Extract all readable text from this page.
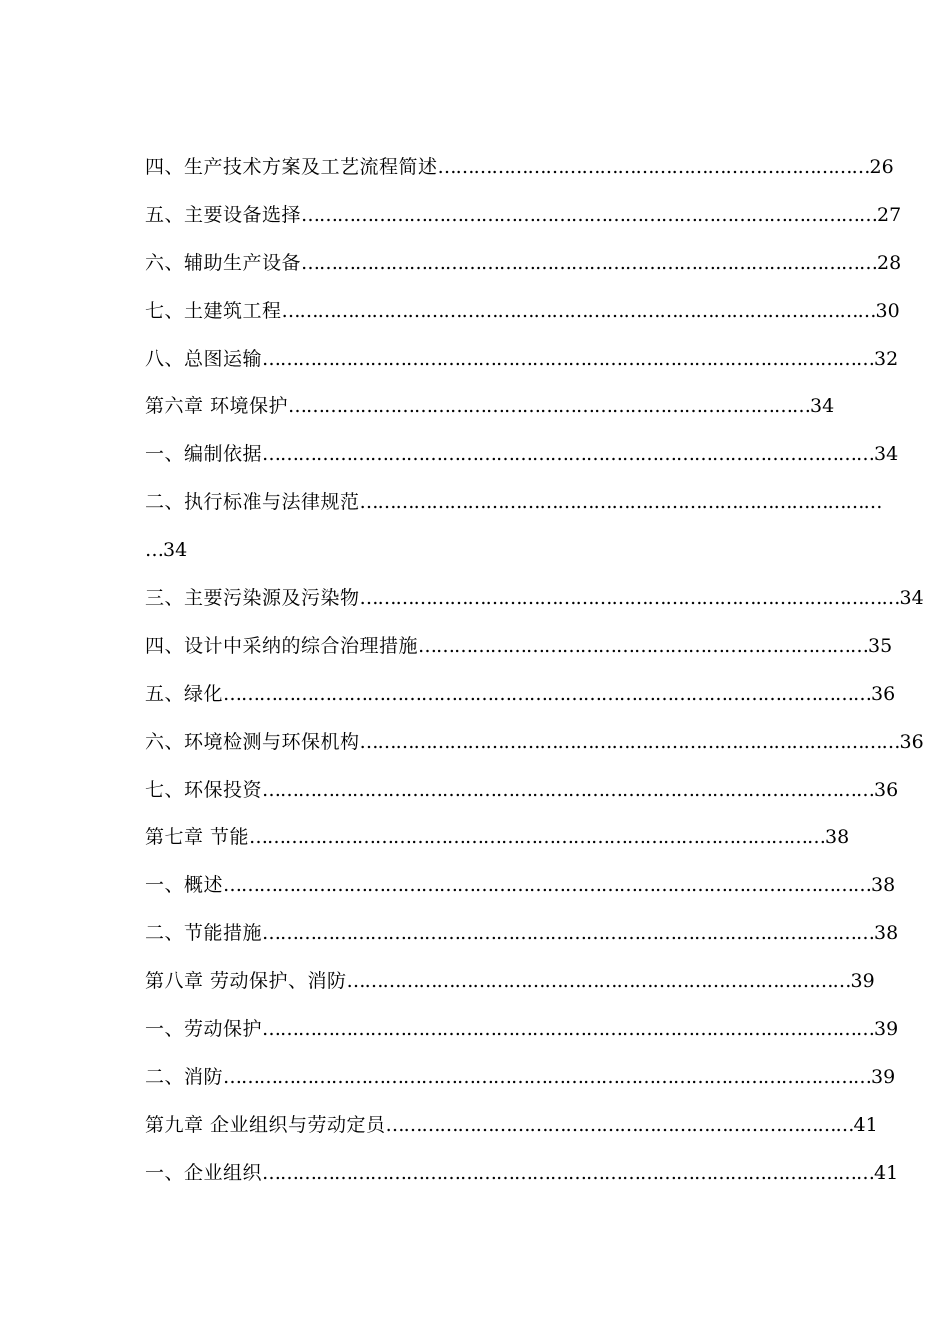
四、生产技术方案及工艺流程简述………………………………………………………………26
五、主要设备选择……………………………………………………………………………………27
六、辅助生产设备……………………………………………………………………………………28
七、土建筑工程………………………………………………………………………………………30
八、总图运输…………………………………………………………………………………………32
第六章 环境保护……………………………………………………………………………34
一、编制依据…………………………………………………………………………………………34
二、执行标准与法律规范……………………………………………………………………………
…34
三、主要污染源及污染物………………………………………………………………………………34
四、设计中采纳的综合治理措施…………………………………………………………………35
五、绿化………………………………………………………………………………………………36
六、环境检测与环保机构………………………………………………………………………………36
七、环保投资…………………………………………………………………………………………36
第七章 节能……………………………………………………………………………………38
一、概述………………………………………………………………………………………………38
二、节能措施…………………………………………………………………………………………38
第八章 劳动保护、消防…………………………………………………………………………39
一、劳动保护…………………………………………………………………………………………39
二、消防………………………………………………………………………………………………39
第九章 企业组织与劳动定员……………………………………………………………………41
一、企业组织…………………………………………………………………………………………41
